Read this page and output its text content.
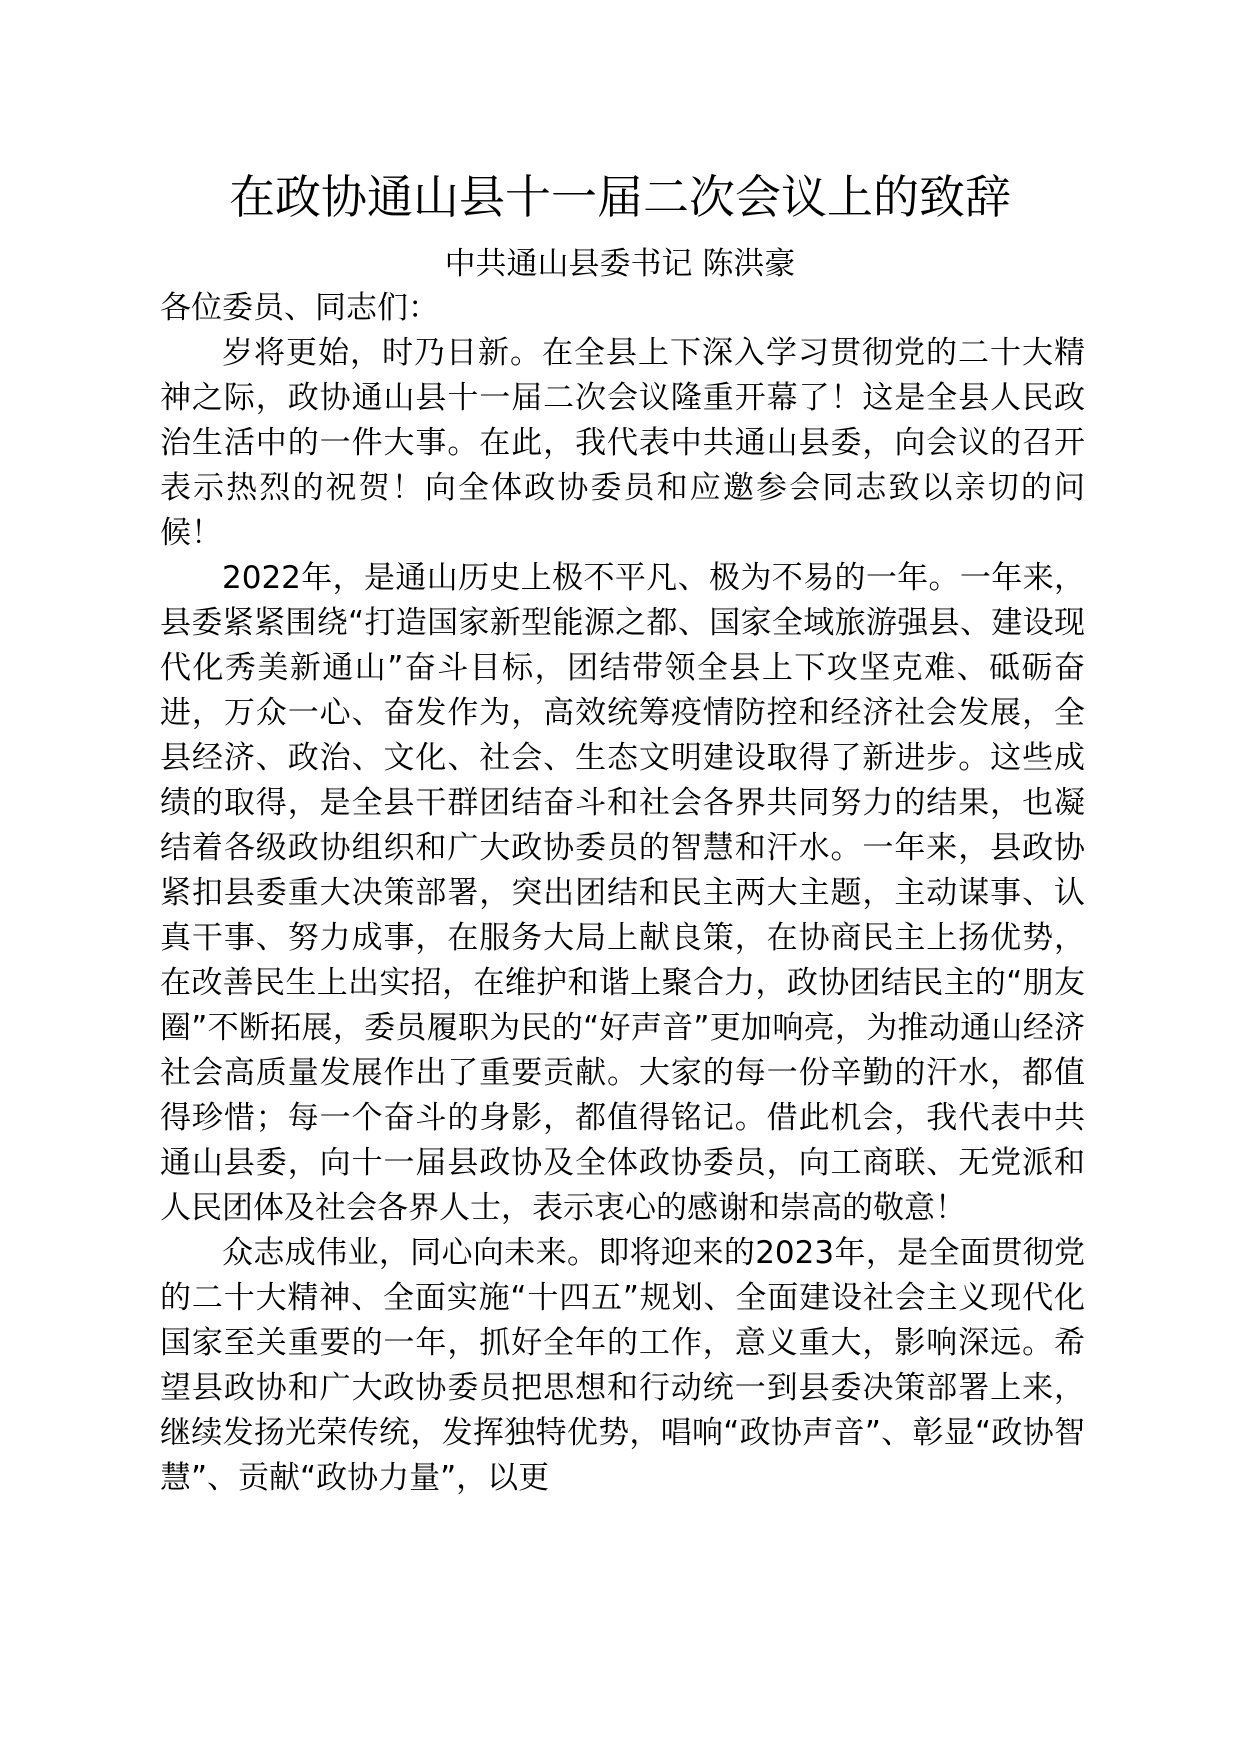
在政协通山县十一届二次会议上的致辞

中共通山县委书记 陈洪豪

各位委员、同志们：

岁将更始，时乃日新。在全县上下深入学习贯彻党的二十大精神之际，政协通山县十一届二次会议隆重开幕了！这是全县人民政治生活中的一件大事。在此，我代表中共通山县委，向会议的召开表示热烈的祝贺！向全体政协委员和应邀参会同志致以亲切的问候！

2022年，是通山历史上极不平凡、极为不易的一年。一年来，县委紧紧围绕“打造国家新型能源之都、国家全域旅游强县、建设现代化秀美新通山”奋斗目标，团结带领全县上下攻坚克难、砥砺奋进，万众一心、奋发作为，高效统筹疫情防控和经济社会发展，全县经济、政治、文化、社会、生态文明建设取得了新进步。这些成绩的取得，是全县干群团结奋斗和社会各界共同努力的结果，也凝结着各级政协组织和广大政协委员的智慧和汗水。一年来，县政协紧扣县委重大决策部署，突出团结和民主两大主题，主动谋事、认真干事、努力成事，在服务大局上献良策，在协商民主上扬优势，在改善民生上出实招，在维护和谐上聚合力，政协团结民主的“朋友圈”不断拓展，委员履职为民的“好声音”更加响亮，为推动通山经济社会高质量发展作出了重要贡献。大家的每一份辛勤的汗水，都值得珍惜；每一个奋斗的身影，都值得铭记。借此机会，我代表中共通山县委，向十一届县政协及全体政协委员，向工商联、无党派和人民团体及社会各界人士，表示衷心的感谢和崇高的敬意！

众志成伟业，同心向未来。即将迎来的2023年，是全面贯彻党的二十大精神、全面实施“十四五”规划、全面建设社会主义现代化国家至关重要的一年，抓好全年的工作，意义重大，影响深远。希望县政协和广大政协委员把思想和行动统一到县委决策部署上来，继续发扬光荣传统，发挥独特优势，唱响“政协声音”、彰显“政协智慧”、贡献“政协力量”，以更
